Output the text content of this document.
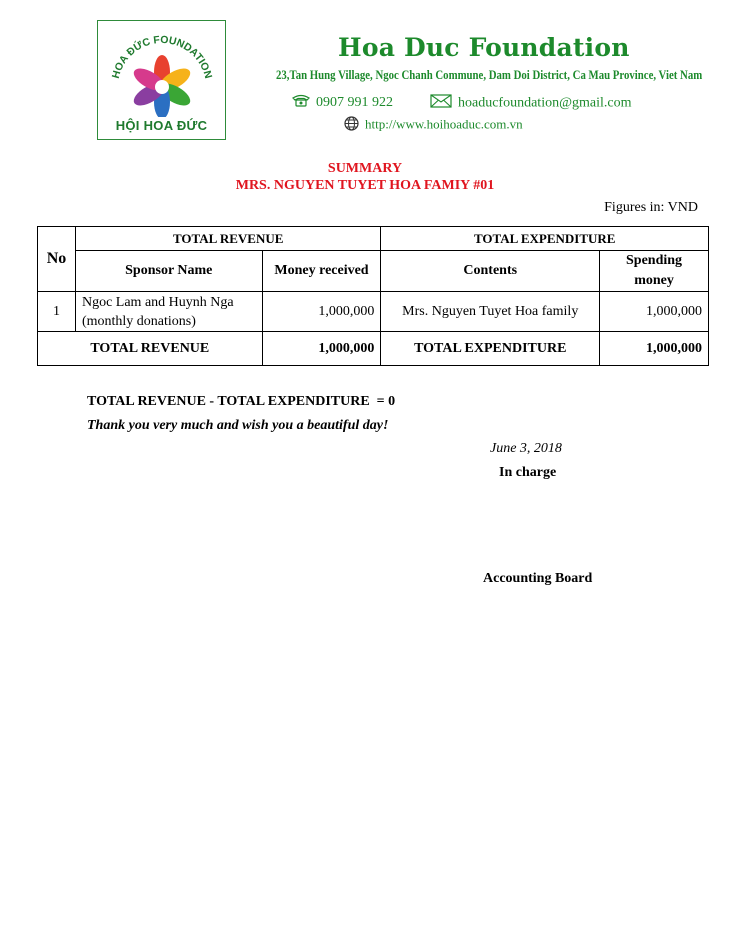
HOA ĐỨC FOUNDATION
HỘI HOA ĐỨC
Hoa Duc Foundation
23,Tan Hung Village, Ngoc Chanh Commune, Dam Doi District, Ca Mau Province, Viet Nam
0907 991 922	hoaducfoundation@gmail.com
http://www.hoihoaduc.com.vn
SUMMARY
MRS. NGUYEN TUYET HOA FAMIY #01
Figures in: VND
No	TOTAL REVENUE		TOTAL EXPENDITURE	
	Sponsor Name	Money received	Contents	Spending money
1	Ngoc Lam and Huynh Nga (monthly donations)	1,000,000	Mrs. Nguyen Tuyet Hoa family	1,000,000
TOTAL REVENUE		1,000,000	TOTAL EXPENDITURE	1,000,000
TOTAL REVENUE - TOTAL EXPENDITURE  = 0
Thank you very much and wish you a beautiful day!
June 3, 2018
In charge
Accounting Board
